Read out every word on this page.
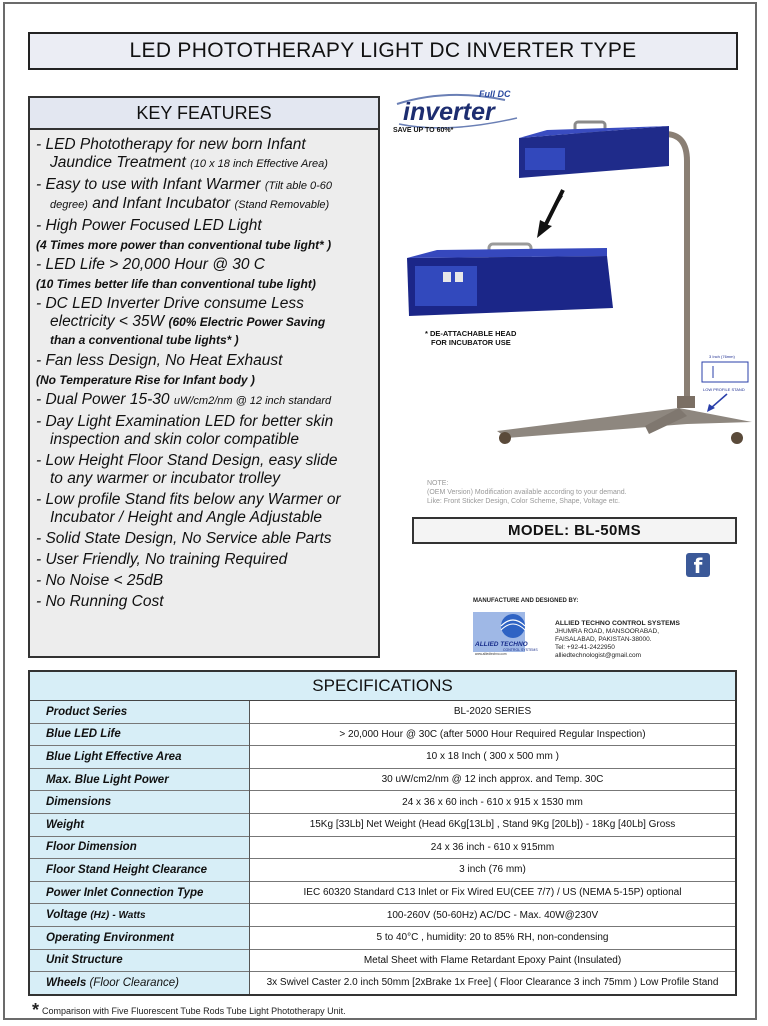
LED PHOTOTHERAPY LIGHT DC INVERTER TYPE
KEY FEATURES
- LED Phototherapy for new born Infant
Jaundice Treatment (10 x 18 inch Effective Area)
- Easy to use with Infant Warmer (Tilt able 0-60
degree) and Infant Incubator (Stand Removable)
- High Power Focused LED Light
(4 Times more power than conventional tube light* )
- LED Life > 20,000 Hour @ 30 C
(10 Times better life than conventional tube light)
- DC LED Inverter Drive consume Less
electricity < 35W (60% Electric Power Saving
than a conventional tube lights* )
- Fan less Design, No Heat Exhaust
(No Temperature Rise for Infant body )
- Dual Power 15-30 uW/cm2/nm @ 12 inch standard
- Day Light Examination LED for better skin
inspection and skin color compatible
- Low Height Floor Stand Design, easy slide
to any warmer or incubator trolley
- Low profile Stand fits below any Warmer or
Incubator / Height and Angle Adjustable
- Solid State Design, No Service able Parts
- User Friendly, No training Required
- No Noise < 25dB
- No Running Cost
Full DC
inverter
SAVE UP TO 60%*
* DE-ATTACHABLE HEAD
FOR INCUBATOR USE
3 Inch (76mm)
LOW PROFILE STAND
NOTE:
(OEM Version) Modification available according to your demand.
Like: Front Sticker Design, Color Scheme, Shape, Voltage etc.
MODEL: BL-50MS
f
MANUFACTURE AND DESIGNED BY:
ALLIED TECHNO
CONTROL SYSTEMS
www.alliedtechno.com
ALLIED TECHNO CONTROL SYSTEMS
JHUMRA ROAD, MANSOORABAD,
FAISALABAD, PAKISTAN-38000.
Tel: +92-41-2422950
alliedtechnologist@gmail.com
SPECIFICATIONS
Product Series	BL-2020 SERIES
Blue LED Life	> 20,000 Hour @ 30C (after 5000 Hour Required Regular Inspection)
Blue Light Effective Area	10 x 18 Inch ( 300 x 500 mm )
Max. Blue Light Power	30 uW/cm2/nm @ 12 inch approx. and Temp. 30C
Dimensions	24 x 36 x 60 inch - 610 x 915 x 1530 mm
Weight	15Kg [33Lb] Net Weight (Head 6Kg[13Lb] , Stand 9Kg [20Lb]) - 18Kg [40Lb] Gross
Floor Dimension	24 x 36 inch - 610 x 915mm
Floor Stand Height Clearance	3 inch (76 mm)
Power Inlet Connection Type	IEC 60320 Standard C13 Inlet or Fix Wired EU(CEE 7/7) / US (NEMA 5-15P) optional
Voltage (Hz) - Watts	100-260V (50-60Hz) AC/DC - Max. 40W@230V
Operating Environment	5 to 40°C , humidity: 20 to 85% RH, non-condensing
Unit Structure	Metal Sheet with Flame Retardant Epoxy Paint (Insulated)
Wheels (Floor Clearance)	3x Swivel Caster 2.0 inch 50mm [2xBrake 1x Free] ( Floor Clearance 3 inch 75mm ) Low Profile Stand
* Comparison with Five Fluorescent Tube Rods Tube Light Phototherapy Unit.
